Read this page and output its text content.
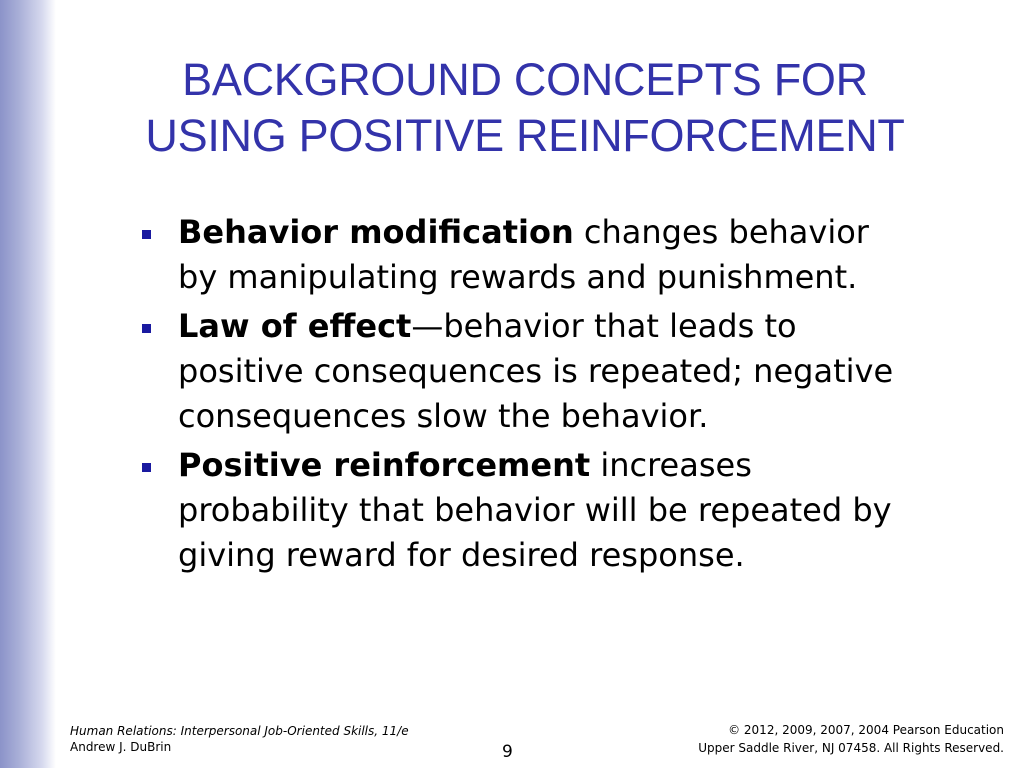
BACKGROUND CONCEPTS FOR
USING POSITIVE REINFORCEMENT
Behavior modification changes behavior by manipulating rewards and punishment.
Law of effect—behavior that leads to positive consequences is repeated; negative consequences slow the behavior.
Positive reinforcement increases probability that behavior will be repeated by giving reward for desired response.
Human Relations: Interpersonal Job-Oriented Skills, 11/e
Andrew J. DuBrin	9
© 2012, 2009, 2007, 2004 Pearson Education
Upper Saddle River, NJ 07458. All Rights Reserved.
